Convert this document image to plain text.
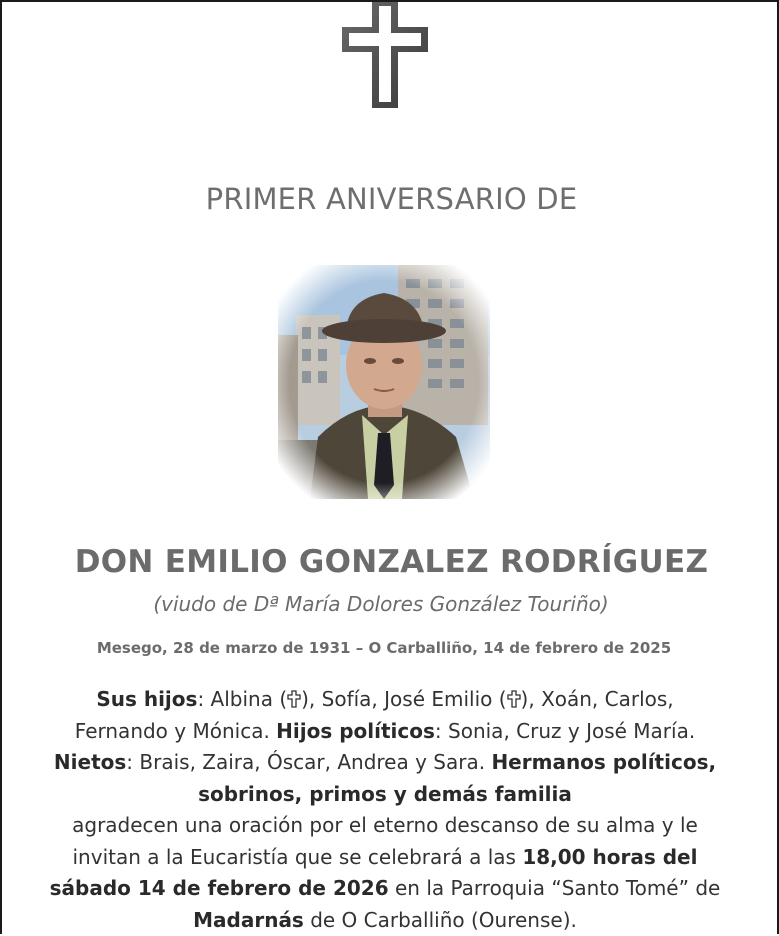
PRIMER ANIVERSARIO DE
DON EMILIO GONZALEZ RODRÍGUEZ
(viudo de Dª María Dolores González Touriño)
Mesego, 28 de marzo de 1931 – O Carballiño, 14 de febrero de 2025
Sus hijos: Albina ( ), Sofía, José Emilio ( ), Xoán, Carlos,
Fernando y Mónica. Hijos políticos: Sonia, Cruz y José María.
Nietos: Brais, Zaira, Óscar, Andrea y Sara. Hermanos políticos,
sobrinos, primos y demás familia
agradecen una oración por el eterno descanso de su alma y le
invitan a la Eucaristía que se celebrará a las 18,00 horas del
sábado 14 de febrero de 2026 en la Parroquia “Santo Tomé” de
Madarnás de O Carballiño (Ourense).
